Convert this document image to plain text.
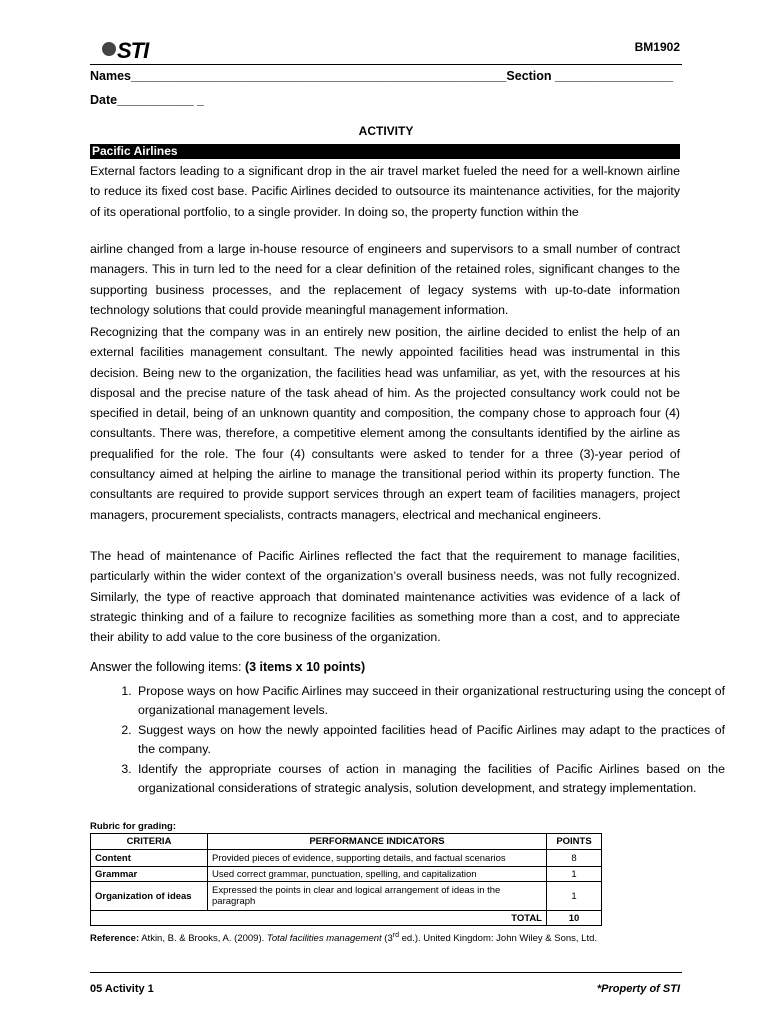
STI	BM1902
Names______________________________________________________Section _________________
Date___________ _
ACTIVITY
Pacific Airlines

External factors leading to a significant drop in the air travel market fueled the need for a well-known airline to reduce its fixed cost base. Pacific Airlines decided to outsource its maintenance activities, for the majority of its operational portfolio, to a single provider. In doing so, the property function within the

airline changed from a large in-house resource of engineers and supervisors to a small number of contract managers. This in turn led to the need for a clear definition of the retained roles, significant changes to the supporting business processes, and the replacement of legacy systems with up-to-date information technology solutions that could provide meaningful management information.

Recognizing that the company was in an entirely new position, the airline decided to enlist the help of an external facilities management consultant. The newly appointed facilities head was instrumental in this decision. Being new to the organization, the facilities head was unfamiliar, as yet, with the resources at his disposal and the precise nature of the task ahead of him. As the projected consultancy work could not be specified in detail, being of an unknown quantity and composition, the company chose to approach four (4) consultants. There was, therefore, a competitive element among the consultants identified by the airline as prequalified for the role. The four (4) consultants were asked to tender for a three (3)-year period of consultancy aimed at helping the airline to manage the transitional period within its property function. The consultants are required to provide support services through an expert team of facilities managers, project managers, procurement specialists, contracts managers, electrical and mechanical engineers.

The head of maintenance of Pacific Airlines reflected the fact that the requirement to manage facilities, particularly within the wider context of the organization’s overall business needs, was not fully recognized. Similarly, the type of reactive approach that dominated maintenance activities was evidence of a lack of strategic thinking and of a failure to recognize facilities as something more than a cost, and to appreciate their ability to add value to the core business of the organization.

Answer the following items: (3 items x 10 points)
1. Propose ways on how Pacific Airlines may succeed in their organizational restructuring using the concept of organizational management levels.
2. Suggest ways on how the newly appointed facilities head of Pacific Airlines may adapt to the practices of the company.
3. Identify the appropriate courses of action in managing the facilities of Pacific Airlines based on the organizational considerations of strategic analysis, solution development, and strategy implementation.
Rubric for grading:
CRITERIA	PERFORMANCE INDICATORS	POINTS
Content	Provided pieces of evidence, supporting details, and factual scenarios	8
Grammar	Used correct grammar, punctuation, spelling, and capitalization	1
Organization of ideas	Expressed the points in clear and logical arrangement of ideas in the paragraph	1
TOTAL		10
Reference: Atkin, B. & Brooks, A. (2009). Total facilities management (3rd ed.). United Kingdom: John Wiley & Sons, Ltd.
05 Activity 1	*Property of STI
